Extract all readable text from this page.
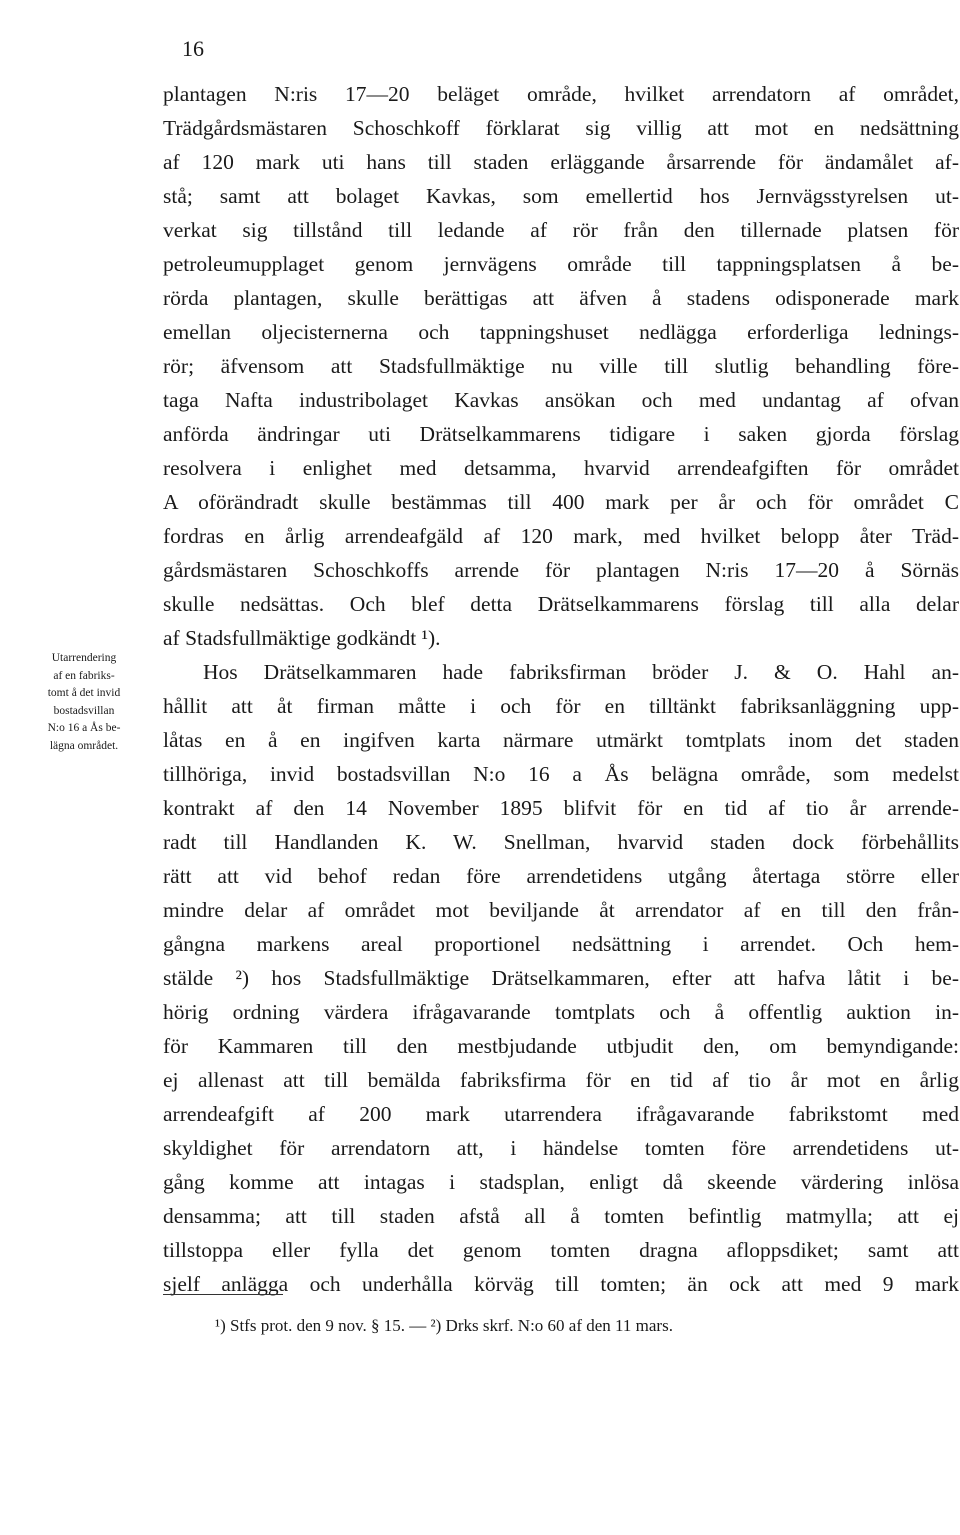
16
plantagen N:ris 17—20 beläget område, hvilket arrendatorn af området,
Trädgårdsmästaren Schoschkoff förklarat sig villig att mot en nedsättning
af 120 mark uti hans till staden erläggande årsarrende för ändamålet af-
stå; samt att bolaget Kavkas, som emellertid hos Jernvägsstyrelsen ut-
verkat sig tillstånd till ledande af rör från den tillernade platsen för
petroleumupplaget genom jernvägens område till tappningsplatsen å be-
rörda plantagen, skulle berättigas att äfven å stadens odisponerade mark
emellan oljecisternerna och tappningshuset nedlägga erforderliga lednings-
rör; äfvensom att Stadsfullmäktige nu ville till slutlig behandling före-
taga Nafta industribolaget Kavkas ansökan och med undantag af ofvan
anförda ändringar uti Drätselkammarens tidigare i saken gjorda förslag
resolvera i enlighet med detsamma, hvarvid arrendeafgiften för området
A oförändradt skulle bestämmas till 400 mark per år och för området C
fordras en årlig arrendeafgäld af 120 mark, med hvilket belopp åter Träd-
gårdsmästaren Schoschkoffs arrende för plantagen N:ris 17—20 å Sörnäs
skulle nedsättas. Och blef detta Drätselkammarens förslag till alla delar
af Stadsfullmäktige godkändt ¹).
Hos Drätselkammaren hade fabriksfirman bröder J. & O. Hahl an-
hållit att åt firman måtte i och för en tilltänkt fabriksanläggning upp-
låtas en å en ingifven karta närmare utmärkt tomtplats inom det staden
tillhöriga, invid bostadsvillan N:o 16 a Ås belägna område, som medelst
kontrakt af den 14 November 1895 blifvit för en tid af tio år arrende-
radt till Handlanden K. W. Snellman, hvarvid staden dock förbehållits
rätt att vid behof redan före arrendetidens utgång återtaga större eller
mindre delar af området mot beviljande åt arrendator af en till den från-
gångna markens areal proportionel nedsättning i arrendet. Och hem-
stälde ²) hos Stadsfullmäktige Drätselkammaren, efter att hafva låtit i be-
hörig ordning värdera ifrågavarande tomtplats och å offentlig auktion in-
för Kammaren till den mestbjudande utbjudit den, om bemyndigande:
ej allenast att till bemälda fabriksfirma för en tid af tio år mot en årlig
arrendeafgift af 200 mark utarrendera ifrågavarande fabrikstomt med
skyldighet för arrendatorn att, i händelse tomten före arrendetidens ut-
gång komme att intagas i stadsplan, enligt då skeende värdering inlösa
densamma; att till staden afstå all å tomten befintlig matmylla; att ej
tillstoppa eller fylla det genom tomten dragna afloppsdiket; samt att
sjelf anlägga och underhålla körväg till tomten; än ock att med 9 mark
Utarrendering
af en fabriks-
tomt å det invid
bostadsvillan
N:o 16 a Ås be-
lägna området.
¹) Stfs prot. den 9 nov. § 15. — ²) Drks skrf. N:o 60 af den 11 mars.
